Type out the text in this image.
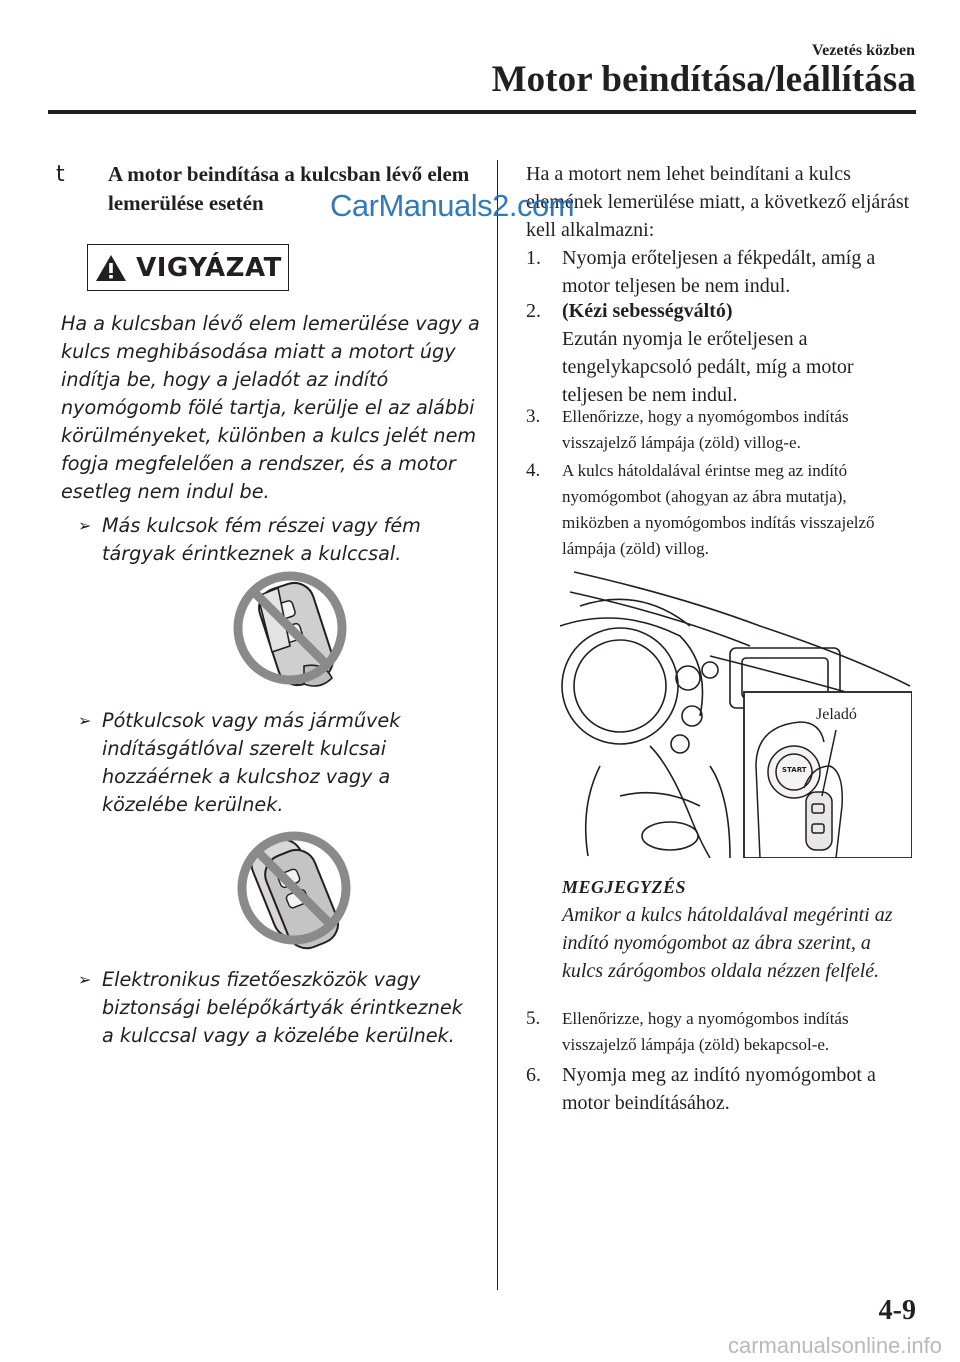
Vezetés közben
Motor beindítása/leállítása
t A motor beindítása a kulcsban lévő elem lemerülése esetén
VIGYÁZAT
Ha a kulcsban lévő elem lemerülése vagy a kulcs meghibásodása miatt a motort úgy indítja be, hogy a jeladót az indító nyomógomb fölé tartja, kerülje el az alábbi körülményeket, különben a kulcs jelét nem fogja megfelelően a rendszer, és a motor esetleg nem indul be.
➢ Más kulcsok fém részei vagy fém tárgyak érintkeznek a kulccsal.
➢ Pótkulcsok vagy más járművek indításgátlóval szerelt kulcsai hozzáérnek a kulcshoz vagy a közelébe kerülnek.
➢ Elektronikus fizetőeszközök vagy biztonsági belépőkártyák érintkeznek a kulccsal vagy a közelébe kerülnek.
Ha a motort nem lehet beindítani a kulcs elemének lemerülése miatt, a következő eljárást kell alkalmazni:
1.	Nyomja erőteljesen a fékpedált, amíg a motor teljesen be nem indul.
2.	(Kézi sebességváltó)
Ezután nyomja le erőteljesen a tengelykapcsoló pedált, míg a motor teljesen be nem indul.
3.	Ellenőrizze, hogy a nyomógombos indítás visszajelző lámpája (zöld) villog-e.
4.	A kulcs hátoldalával érintse meg az indító nyomógombot (ahogyan az ábra mutatja), miközben a nyomógombos indítás visszajelző lámpája (zöld) villog.
START
Jeladó
MEGJEGYZÉS
Amikor a kulcs hátoldalával megérinti az indító nyomógombot az ábra szerint, a kulcs zárógombos oldala nézzen felfelé.
5.	Ellenőrizze, hogy a nyomógombos indítás visszajelző lámpája (zöld) bekapcsol-e.
6.	Nyomja meg az indító nyomógombot a motor beindításához.
4-9
CarManuals2.com
carmanualsonline.info
